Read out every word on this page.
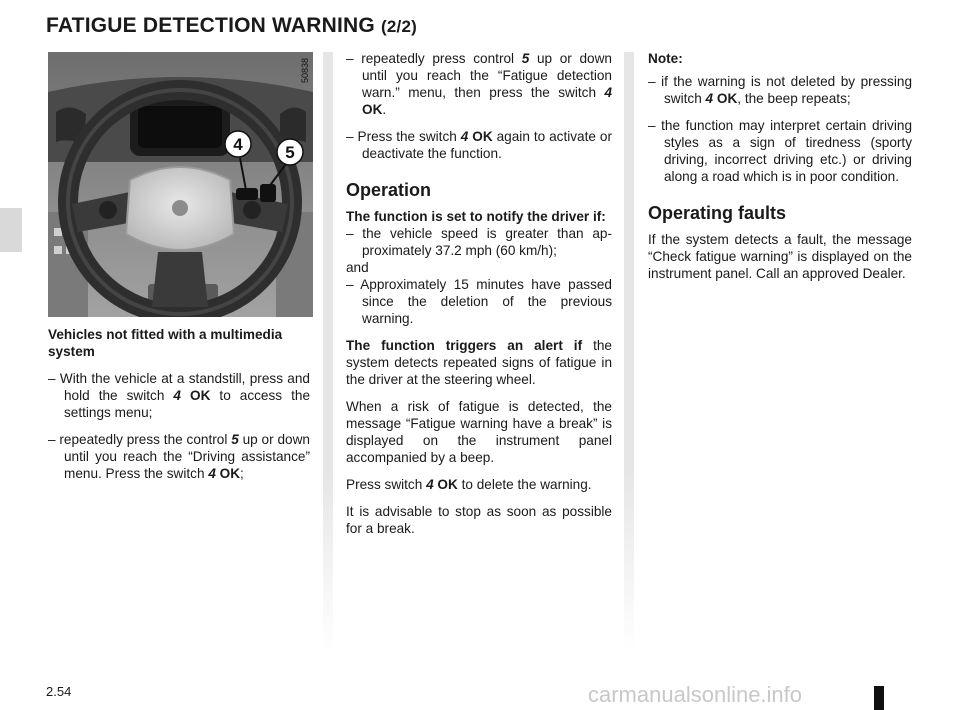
FATIGUE DETECTION WARNING (2/2)
4	5
50838

Vehicles not fitted with a multimedia system

– With the vehicle at a standstill, press and hold the switch 4 OK to access the settings menu;

– repeatedly press the control 5 up or down until you reach the “Driving assistance” menu. Press the switch 4 OK;

– repeatedly press control 5 up or down until you reach the “Fatigue detection warn.” menu, then press the switch 4 OK.

– Press the switch 4 OK again to activate or deactivate the function.

Operation

The function is set to notify the driver if:

– the vehicle speed is greater than approximately 37.2 mph (60 km/h);

and

– Approximately 15 minutes have passed since the deletion of the previous warning.

The function triggers an alert if the system detects repeated signs of fatigue in the driver at the steering wheel.

When a risk of fatigue is detected, the message “Fatigue warning have a break” is displayed on the instrument panel accompanied by a beep.

Press switch 4 OK to delete the warning.

It is advisable to stop as soon as possible for a break.

Note:

– if the warning is not deleted by pressing switch 4 OK, the beep repeats;

– the function may interpret certain driving styles as a sign of tiredness (sporty driving, incorrect driving etc.) or driving along a road which is in poor condition.

Operating faults

If the system detects a fault, the message “Check fatigue warning” is displayed on the instrument panel. Call an approved Dealer.

2.54	carmanualsonline.info
